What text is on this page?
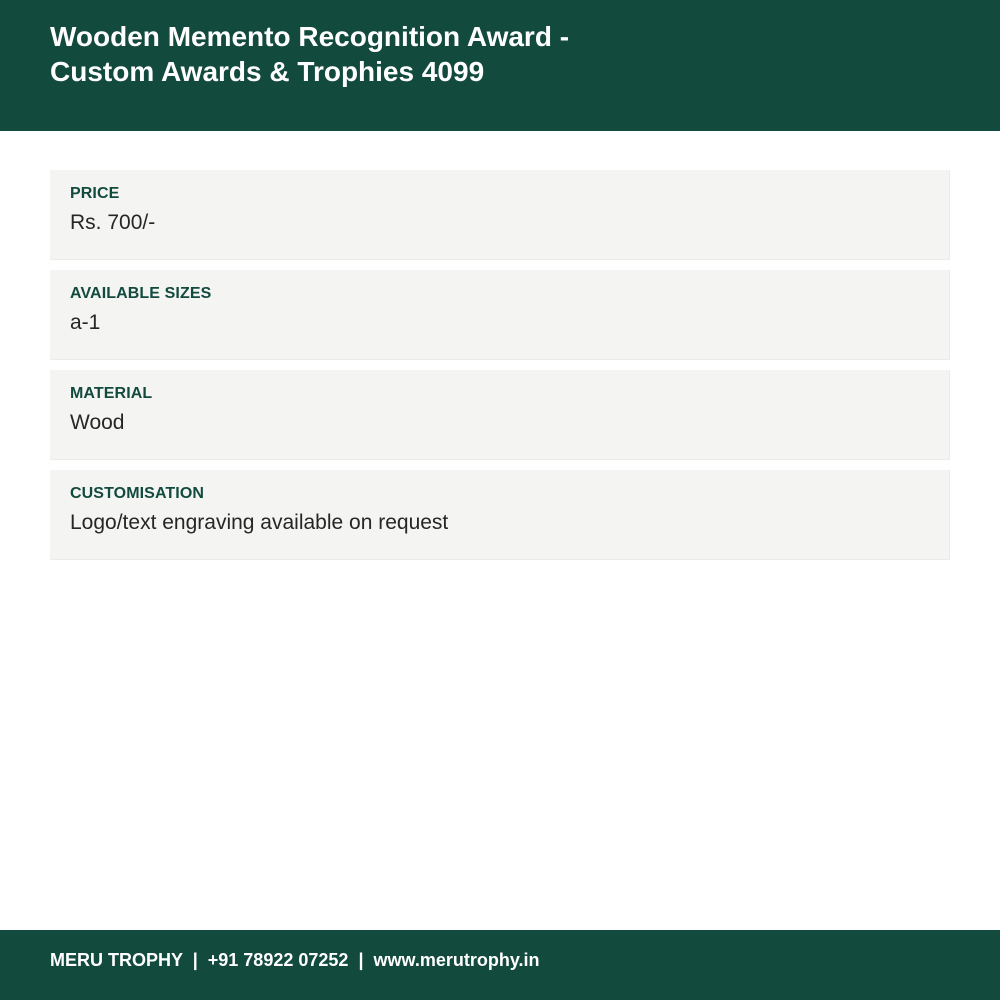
Wooden Memento Recognition Award -
Custom Awards & Trophies 4099
PRICE
Rs. 700/-
AVAILABLE SIZES
a-1
MATERIAL
Wood
CUSTOMISATION
Logo/text engraving available on request
MERU TROPHY | +91 78922 07252 | www.merutrophy.in
